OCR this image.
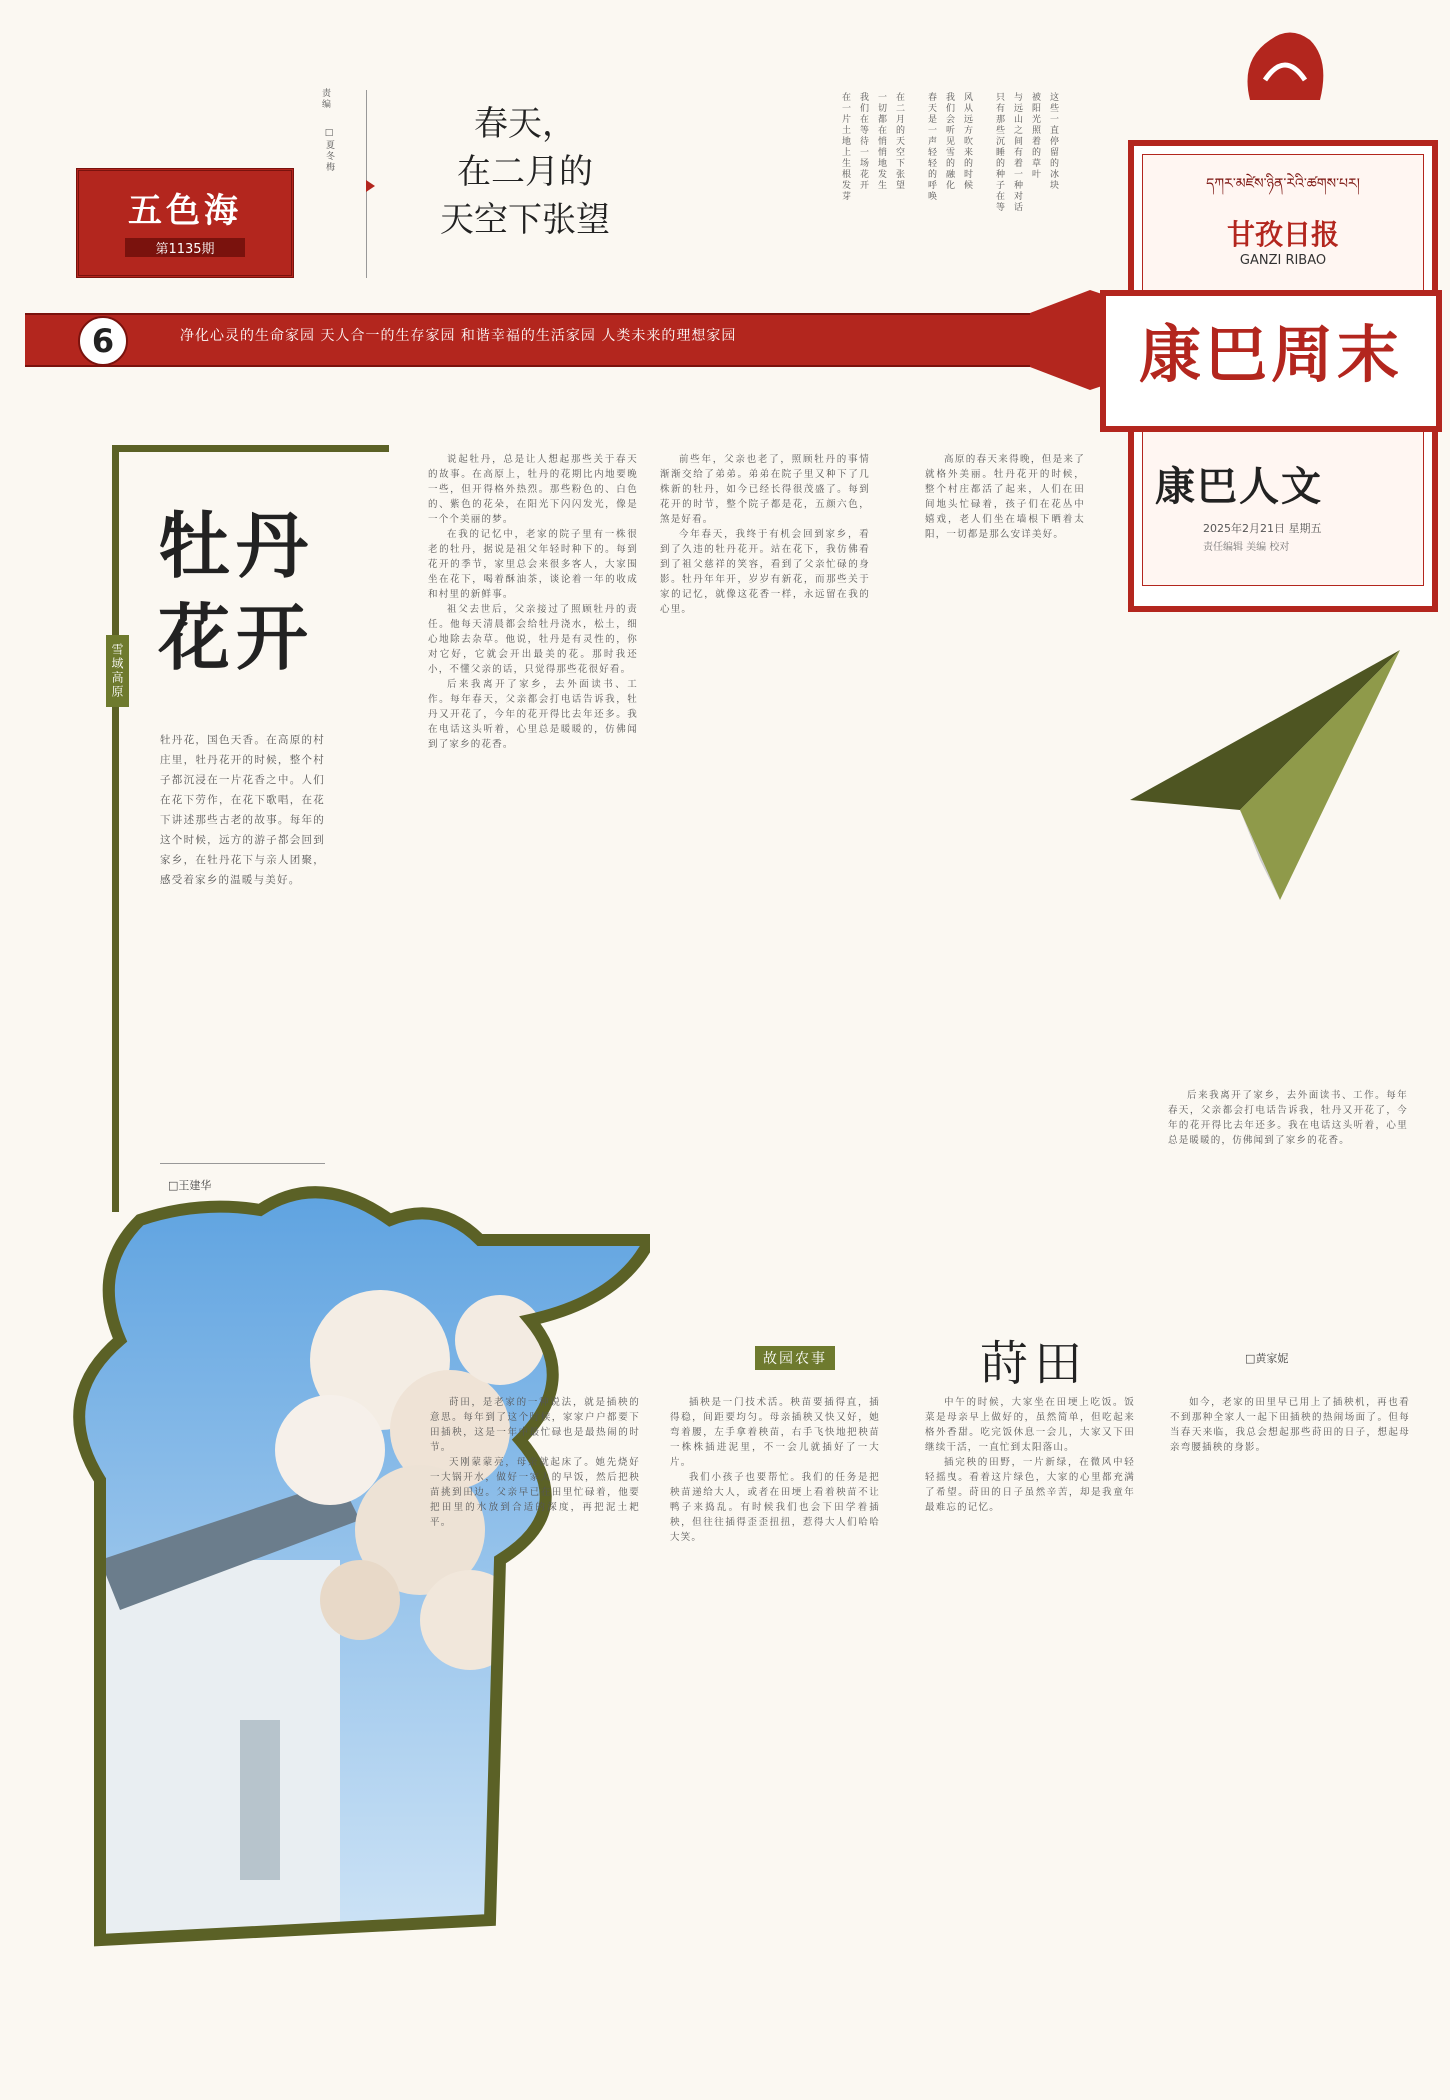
五色海
第1135期
责编
□夏冬梅
春天，
在二月的
天空下张望
这些一直停留的冰块
被阳光照着的草叶
与远山之间有着一种对话
只有那些沉睡的种子在等
风从远方吹来的时候
我们会听见雪的融化
春天是一声轻轻的呼唤
在二月的天空下张望
一切都在悄悄地发生
我们在等待一场花开
在一片土地上生根发芽	དཀར་མཛེས་ཉིན་རེའི་ཚགས་པར།
甘孜日报
GANZI RIBAO
康巴人文
2025年2月21日 星期五
责任编辑 美编 校对
6	净化心灵的生命家园 天人合一的生存家园 和谐幸福的生活家园 人类未来的理想家园	康巴周末
牡丹花开
雪域高原
牡丹花，国色天香。在高原的村庄里，牡丹花开的时候，整个村子都沉浸在一片花香之中。人们在花下劳作，在花下歌唱，在花下讲述那些古老的故事。每年的这个时候，远方的游子都会回到家乡，在牡丹花下与亲人团聚，感受着家乡的温暖与美好。
□王建华

说起牡丹，总是让人想起那些关于春天的故事。在高原上，牡丹的花期比内地要晚一些，但开得格外热烈。那些粉色的、白色的、紫色的花朵，在阳光下闪闪发光，像是一个个美丽的梦。

在我的记忆中，老家的院子里有一株很老的牡丹，据说是祖父年轻时种下的。每到花开的季节，家里总会来很多客人，大家围坐在花下，喝着酥油茶，谈论着一年的收成和村里的新鲜事。

祖父去世后，父亲接过了照顾牡丹的责任。他每天清晨都会给牡丹浇水，松土，细心地除去杂草。他说，牡丹是有灵性的，你对它好，它就会开出最美的花。那时我还小，不懂父亲的话，只觉得那些花很好看。

后来我离开了家乡，去外面读书、工作。每年春天，父亲都会打电话告诉我，牡丹又开花了，今年的花开得比去年还多。我在电话这头听着，心里总是暖暖的，仿佛闻到了家乡的花香。

前些年，父亲也老了，照顾牡丹的事情渐渐交给了弟弟。弟弟在院子里又种下了几株新的牡丹，如今已经长得很茂盛了。每到花开的时节，整个院子都是花，五颜六色，煞是好看。

今年春天，我终于有机会回到家乡，看到了久违的牡丹花开。站在花下，我仿佛看到了祖父慈祥的笑容，看到了父亲忙碌的身影。牡丹年年开，岁岁有新花，而那些关于家的记忆，就像这花香一样，永远留在我的心里。

高原的春天来得晚，但是来了就格外美丽。牡丹花开的时候，整个村庄都活了起来，人们在田间地头忙碌着，孩子们在花丛中嬉戏，老人们坐在墙根下晒着太阳，一切都是那么安详美好。

后来我离开了家乡，去外面读书、工作。每年春天，父亲都会打电话告诉我，牡丹又开花了，今年的花开得比去年还多。我在电话这头听着，心里总是暖暖的，仿佛闻到了家乡的花香。

故园农事	莳田	□黄家妮

莳田，是老家的一种说法，就是插秧的意思。每年到了这个时候，家家户户都要下田插秧，这是一年中最忙碌也是最热闹的时节。

天刚蒙蒙亮，母亲就起床了。她先烧好一大锅开水，做好一家人的早饭，然后把秧苗挑到田边。父亲早已在田里忙碌着，他要把田里的水放到合适的深度，再把泥土耙平。

插秧是一门技术活。秧苗要插得直，插得稳，间距要均匀。母亲插秧又快又好，她弯着腰，左手拿着秧苗，右手飞快地把秧苗一株株插进泥里，不一会儿就插好了一大片。

我们小孩子也要帮忙。我们的任务是把秧苗递给大人，或者在田埂上看着秧苗不让鸭子来捣乱。有时候我们也会下田学着插秧，但往往插得歪歪扭扭，惹得大人们哈哈大笑。

中午的时候，大家坐在田埂上吃饭。饭菜是母亲早上做好的，虽然简单，但吃起来格外香甜。吃完饭休息一会儿，大家又下田继续干活，一直忙到太阳落山。

插完秧的田野，一片新绿，在微风中轻轻摇曳。看着这片绿色，大家的心里都充满了希望。莳田的日子虽然辛苦，却是我童年最难忘的记忆。

如今，老家的田里早已用上了插秧机，再也看不到那种全家人一起下田插秧的热闹场面了。但每当春天来临，我总会想起那些莳田的日子，想起母亲弯腰插秧的身影。
